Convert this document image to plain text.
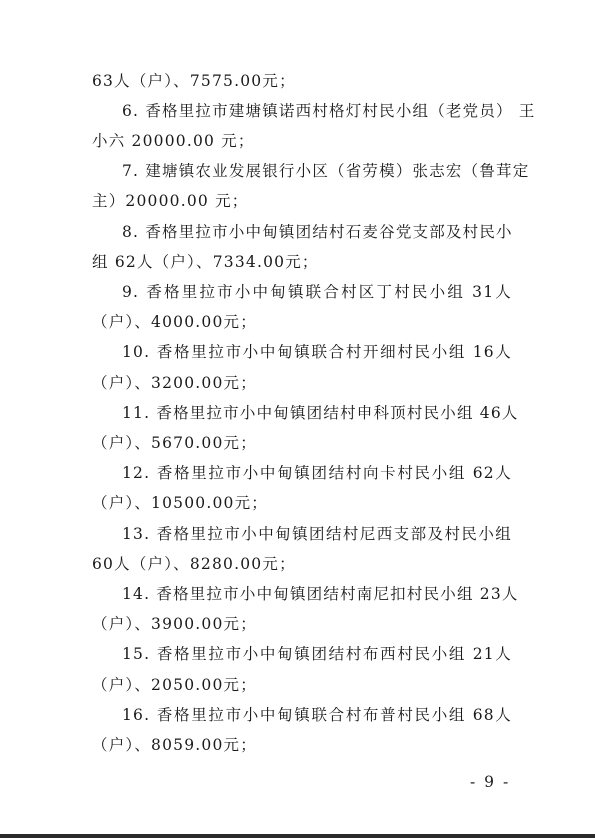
63人（户）、7575.00元；
6. 香格里拉市建塘镇诺西村格灯村民小组（老党员） 王
小六 20000.00 元；
7. 建塘镇农业发展银行小区（省劳模）张志宏（鲁茸定
主）20000.00 元；
8. 香格里拉市小中甸镇团结村石麦谷党支部及村民小
组 62人（户）、7334.00元；
9. 香格里拉市小中甸镇联合村区丁村民小组 31人
（户）、4000.00元；
10. 香格里拉市小中甸镇联合村开细村民小组 16人
（户）、3200.00元；
11. 香格里拉市小中甸镇团结村申科顶村民小组 46人
（户）、5670.00元；
12. 香格里拉市小中甸镇团结村向卡村民小组 62人
（户）、10500.00元；
13. 香格里拉市小中甸镇团结村尼西支部及村民小组
60人（户）、8280.00元；
14. 香格里拉市小中甸镇团结村南尼扣村民小组 23人
（户）、3900.00元；
15. 香格里拉市小中甸镇团结村布西村民小组 21人
（户）、2050.00元；
16. 香格里拉市小中甸镇联合村布普村民小组 68人
（户）、8059.00元；
- 9 -
